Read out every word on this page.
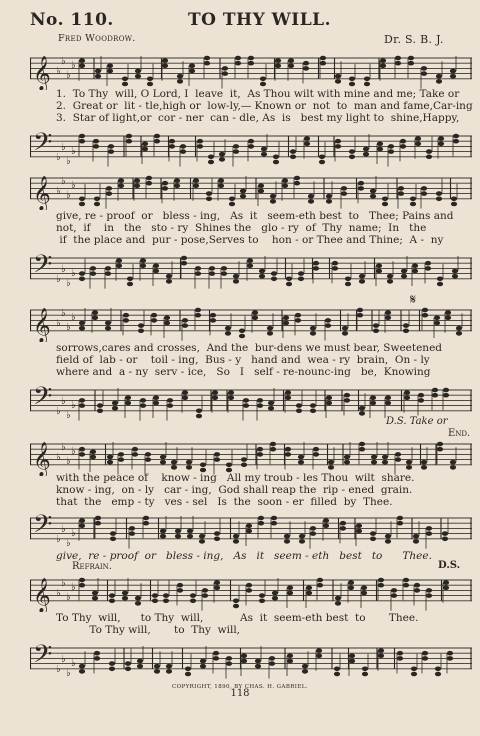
No. 110.	TO THY WILL.
Fred Woodrow.	Dr. S. B. J.
𝄞 ♭
♭
♭
♭
1.  To Thy  will, O Lord, I  leave  it,  As Thou wilt with mine and me; Take or
2.  Great or  lit - tle,high or  low-ly,— Known or  not  to  man and fame,Car-ing
3.  Star of light,or  cor - ner  can - dle, As  is   best my light to  shine,Happy,
𝄢 ♭
♭
♭
♭
𝄞 ♭
♭
♭
♭
give, re - proof  or   bless - ing,   As  it   seem-eth best  to   Thee; Pains and
not,  if    in   the   sto - ry  Shines the   glo - ry  of  Thy  name;  In   the
if  the place and  pur - pose,Serves to    hon - or Thee and Thine;  A -  ny
𝄢 ♭
♭
♭
♭
𝄋
𝄞 ♭
♭
♭
♭
sorrows,cares and crosses,  And the  bur-dens we must bear, Sweetened
field of  lab - or    toil - ing,  Bus - y   hand and  wea - ry  brain,  On - ly
where and  a - ny  serv - ice,   So   I   self - re-nounc-ing   be,  Knowing
𝄢 ♭
♭
♭
♭
D.S. Take or
End.
𝄞 ♭
♭
♭
♭
with the peace of    know - ing   All my troub - les Thou  wilt  share.
know - ing,  on - ly   car - ing,  God shall reap the  rip - ened  grain.
that  the   emp - ty   ves - sel   Is  the  soon - er  filled  by  Thee.
𝄢 ♭
♭
♭
♭
give,  re - proof  or   bless - ing,   As   it   seem - eth   best   to      Thee.
Refrain.	D.S.
𝄞 ♭
♭
♭
♭
To Thy  will,      to Thy  will,           As  it  seem-eth best  to       Thee.
To Thy will,       to  Thy  will,
𝄢 ♭
♭
♭
♭
COPYRIGHT, 1890, BY CHAS. H. GABRIEL.
118
